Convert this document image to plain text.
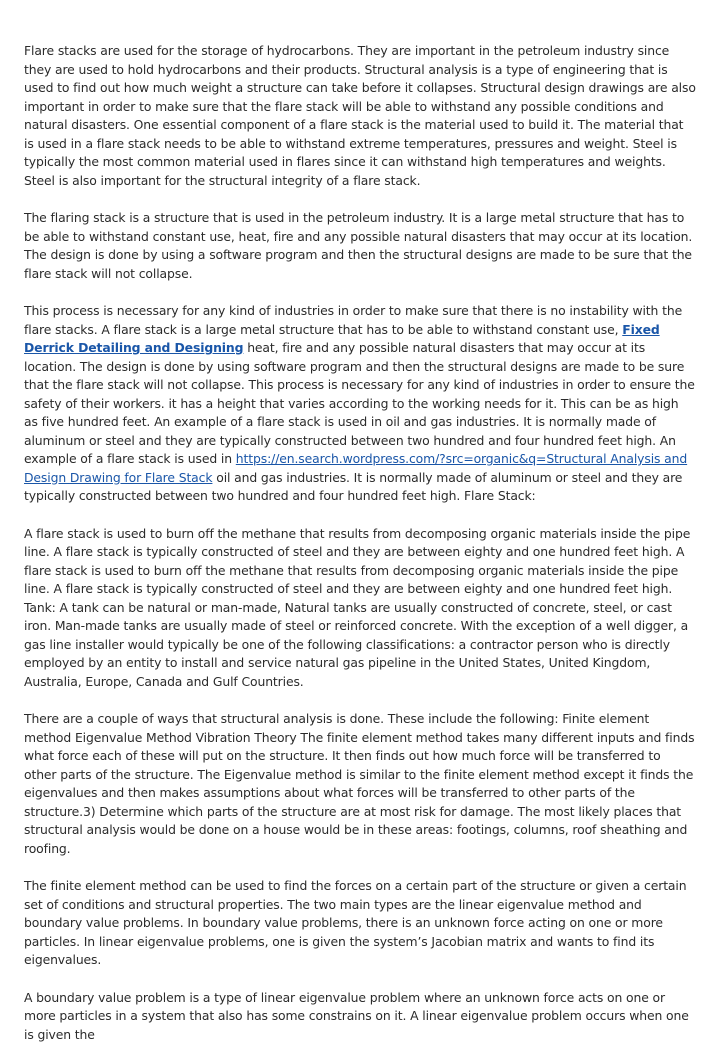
Flare stacks are used for the storage of hydrocarbons. They are important in the petroleum industry since they are used to hold hydrocarbons and their products. Structural analysis is a type of engineering that is used to find out how much weight a structure can take before it collapses. Structural design drawings are also important in order to make sure that the flare stack will be able to withstand any possible conditions and natural disasters. One essential component of a flare stack is the material used to build it. The material that is used in a flare stack needs to be able to withstand extreme temperatures, pressures and weight. Steel is typically the most common material used in flares since it can withstand high temperatures and weights. Steel is also important for the structural integrity of a flare stack.

The flaring stack is a structure that is used in the petroleum industry. It is a large metal structure that has to be able to withstand constant use, heat, fire and any possible natural disasters that may occur at its location. The design is done by using a software program and then the structural designs are made to be sure that the flare stack will not collapse.

This process is necessary for any kind of industries in order to make sure that there is no instability with the flare stacks. A flare stack is a large metal structure that has to be able to withstand constant use, Fixed Derrick Detailing and Designing heat, fire and any possible natural disasters that may occur at its location. The design is done by using software program and then the structural designs are made to be sure that the flare stack will not collapse. This process is necessary for any kind of industries in order to ensure the safety of their workers. it has a height that varies according to the working needs for it. This can be as high as five hundred feet. An example of a flare stack is used in oil and gas industries. It is normally made of aluminum or steel and they are typically constructed between two hundred and four hundred feet high. An example of a flare stack is used in https://en.search.wordpress.com/?src=organic&q=Structural Analysis and Design Drawing for Flare Stack oil and gas industries. It is normally made of aluminum or steel and they are typically constructed between two hundred and four hundred feet high. Flare Stack:

A flare stack is used to burn off the methane that results from decomposing organic materials inside the pipe line. A flare stack is typically constructed of steel and they are between eighty and one hundred feet high. A flare stack is used to burn off the methane that results from decomposing organic materials inside the pipe line. A flare stack is typically constructed of steel and they are between eighty and one hundred feet high. Tank: A tank can be natural or man-made, Natural tanks are usually constructed of concrete, steel, or cast iron. Man-made tanks are usually made of steel or reinforced concrete. With the exception of a well digger, a gas line installer would typically be one of the following classifications: a contractor person who is directly employed by an entity to install and service natural gas pipeline in the United States, United Kingdom, Australia, Europe, Canada and Gulf Countries.

There are a couple of ways that structural analysis is done. These include the following: Finite element method Eigenvalue Method Vibration Theory The finite element method takes many different inputs and finds what force each of these will put on the structure. It then finds out how much force will be transferred to other parts of the structure. The Eigenvalue method is similar to the finite element method except it finds the eigenvalues and then makes assumptions about what forces will be transferred to other parts of the structure.3) Determine which parts of the structure are at most risk for damage. The most likely places that structural analysis would be done on a house would be in these areas: footings, columns, roof sheathing and roofing.

The finite element method can be used to find the forces on a certain part of the structure or given a certain set of conditions and structural properties. The two main types are the linear eigenvalue method and boundary value problems. In boundary value problems, there is an unknown force acting on one or more particles. In linear eigenvalue problems, one is given the system’s Jacobian matrix and wants to find its eigenvalues.

A boundary value problem is a type of linear eigenvalue problem where an unknown force acts on one or more particles in a system that also has some constrains on it. A linear eigenvalue problem occurs when one is given the
